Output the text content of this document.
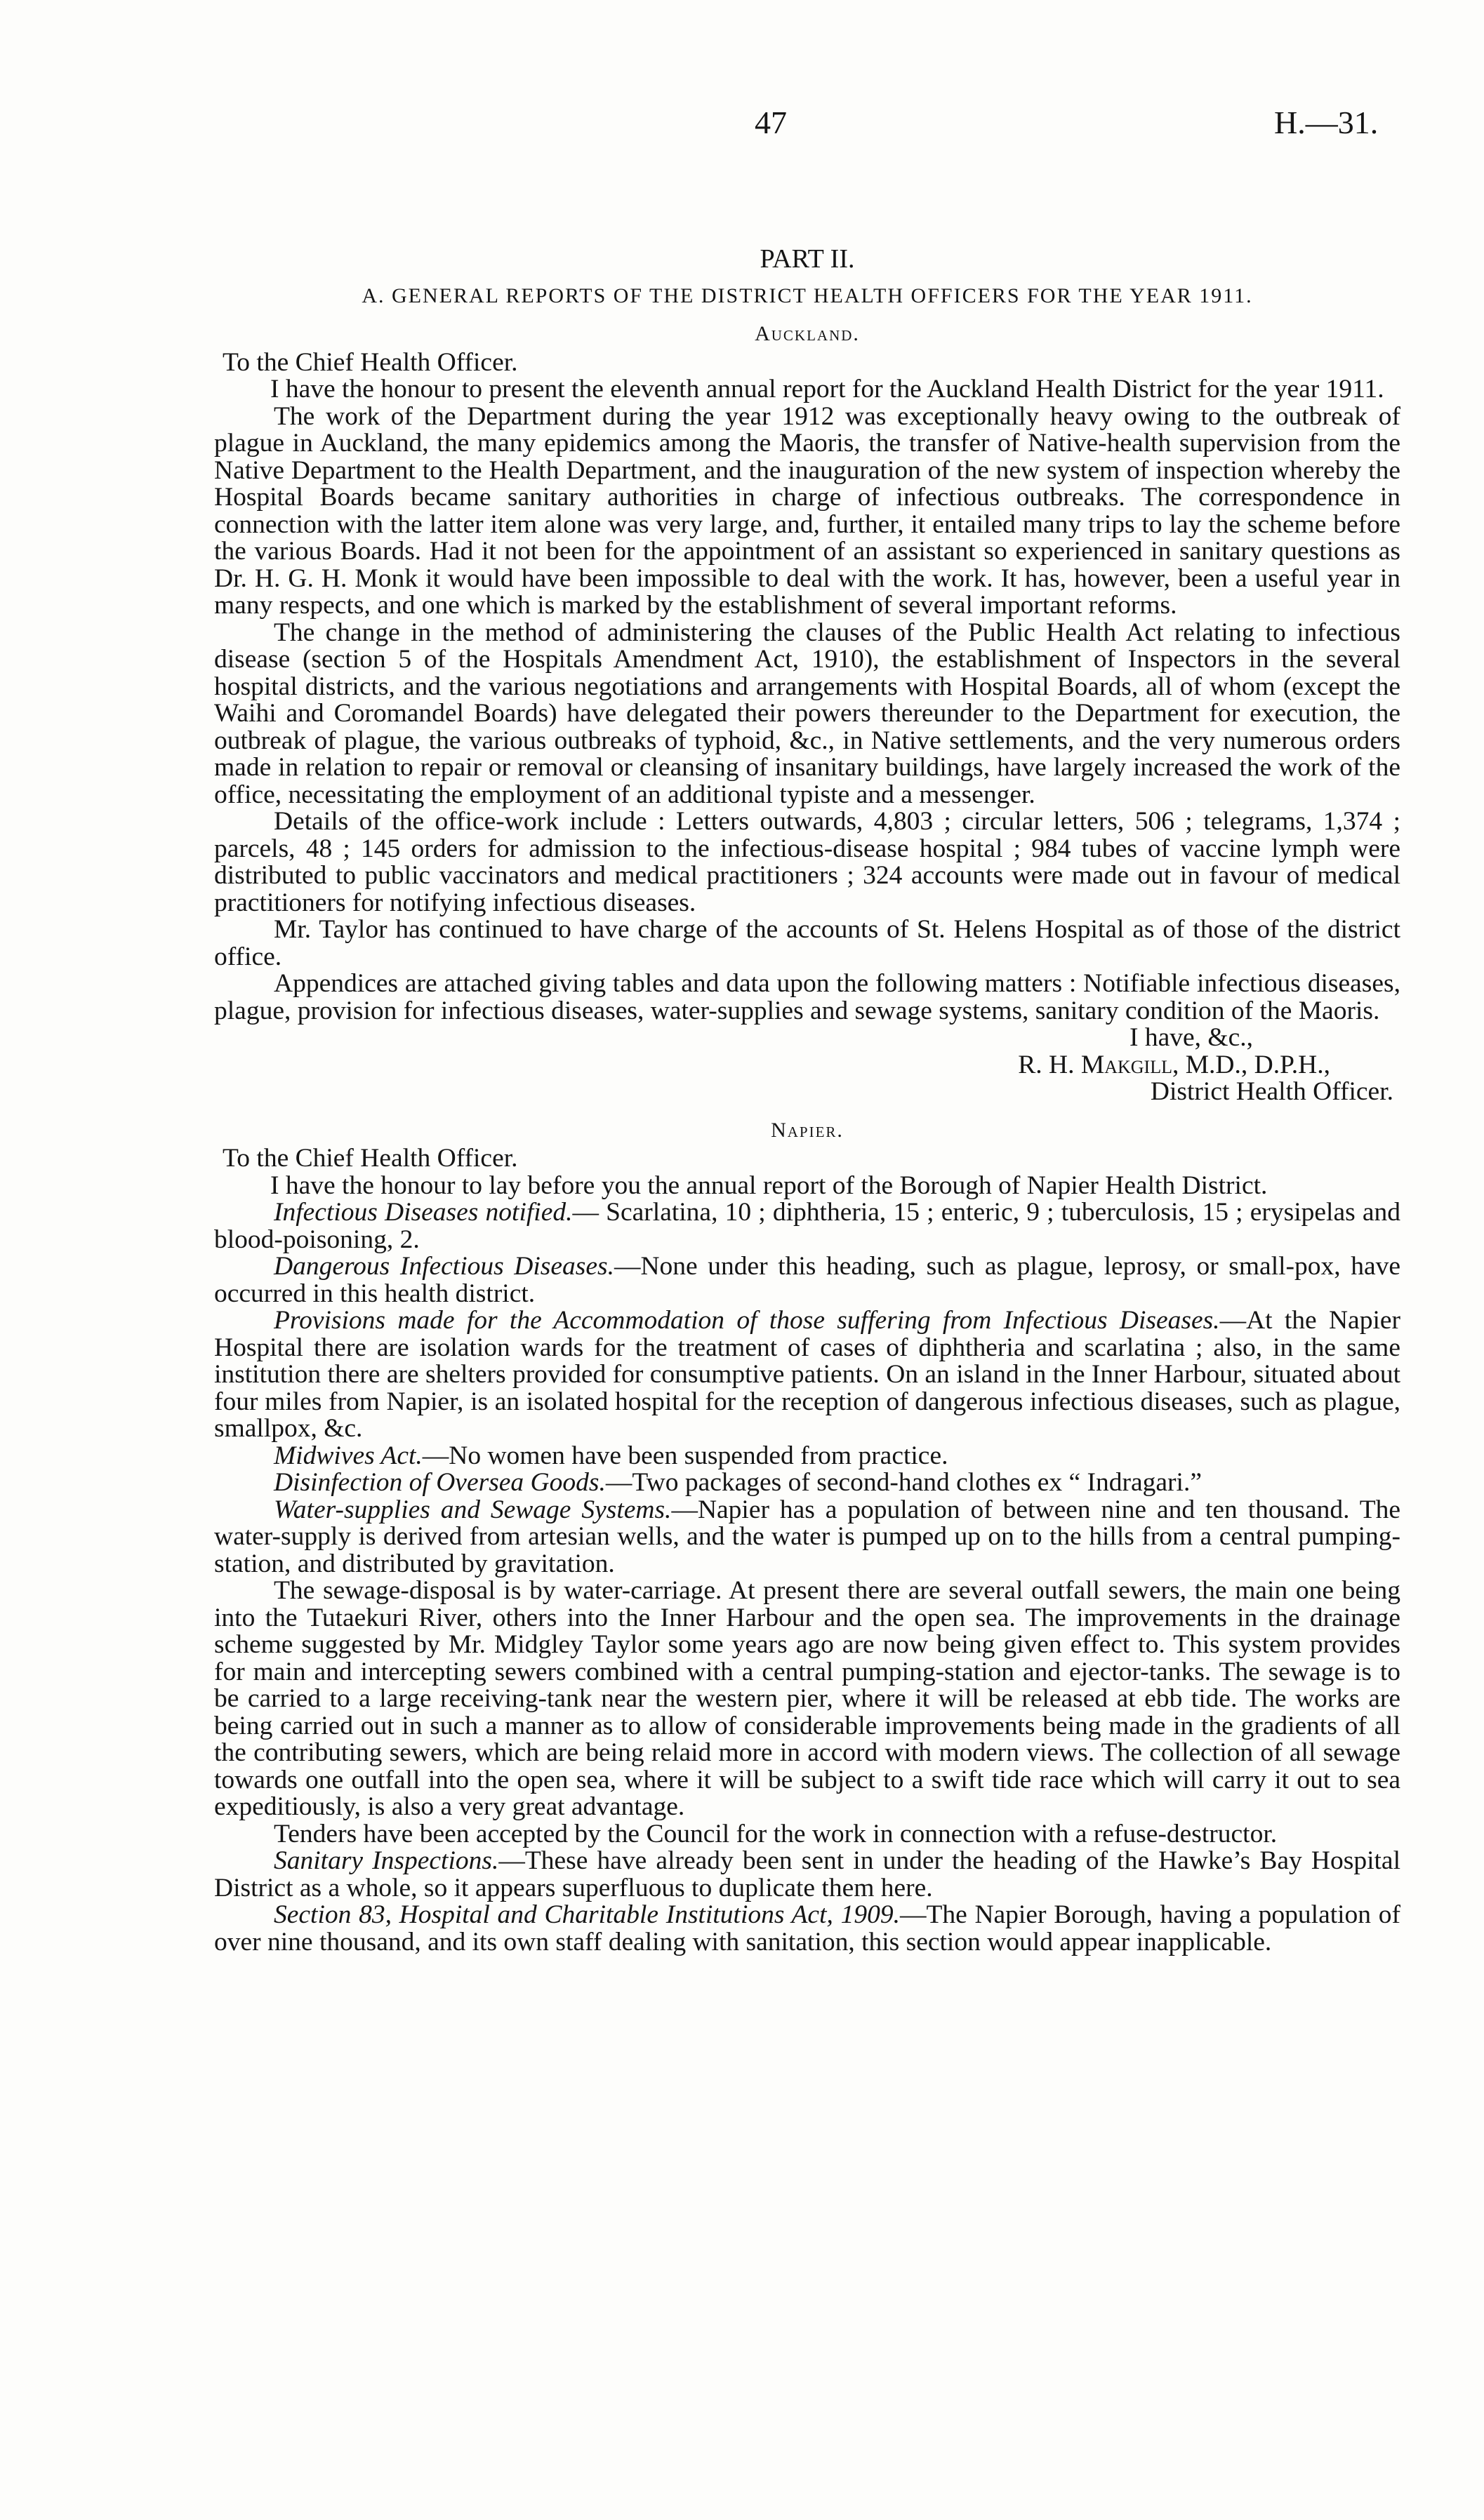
47	H.—31.

PART II.

A. GENERAL REPORTS OF THE DISTRICT HEALTH OFFICERS FOR THE YEAR 1911.

Auckland.

To the Chief Health Officer.

I have the honour to present the eleventh annual report for the Auckland Health District for the year 1911.

The work of the Department during the year 1912 was exceptionally heavy owing to the outbreak of plague in Auckland, the many epidemics among the Maoris, the transfer of Native-health supervision from the Native Department to the Health Department, and the inauguration of the new system of inspection whereby the Hospital Boards became sanitary authorities in charge of infectious outbreaks. The correspondence in connection with the latter item alone was very large, and, further, it entailed many trips to lay the scheme before the various Boards. Had it not been for the appointment of an assistant so experienced in sanitary questions as Dr. H. G. H. Monk it would have been impossible to deal with the work. It has, however, been a useful year in many respects, and one which is marked by the establishment of several important reforms.

The change in the method of administering the clauses of the Public Health Act relating to infectious disease (section 5 of the Hospitals Amendment Act, 1910), the establishment of Inspectors in the several hospital districts, and the various negotiations and arrangements with Hospital Boards, all of whom (except the Waihi and Coromandel Boards) have delegated their powers thereunder to the Department for execution, the outbreak of plague, the various outbreaks of typhoid, &c., in Native settlements, and the very numerous orders made in relation to repair or removal or cleansing of insanitary buildings, have largely increased the work of the office, necessitating the employment of an additional typiste and a messenger.

Details of the office-work include : Letters outwards, 4,803 ; circular letters, 506 ; telegrams, 1,374 ; parcels, 48 ; 145 orders for admission to the infectious-disease hospital ; 984 tubes of vaccine lymph were distributed to public vaccinators and medical practitioners ; 324 accounts were made out in favour of medical practitioners for notifying infectious diseases.

Mr. Taylor has continued to have charge of the accounts of St. Helens Hospital as of those of the district office.

Appendices are attached giving tables and data upon the following matters : Notifiable infectious diseases, plague, provision for infectious diseases, water-supplies and sewage systems, sanitary condition of the Maoris.

I have, &c.,

R. H. Makgill, M.D., D.P.H.,

District Health Officer.

Napier.

To the Chief Health Officer.

I have the honour to lay before you the annual report of the Borough of Napier Health District.

Infectious Diseases notified.— Scarlatina, 10 ; diphtheria, 15 ; enteric, 9 ; tuberculosis, 15 ; erysipelas and blood-poisoning, 2.

Dangerous Infectious Diseases.—None under this heading, such as plague, leprosy, or small-pox, have occurred in this health district.

Provisions made for the Accommodation of those suffering from Infectious Diseases.—At the Napier Hospital there are isolation wards for the treatment of cases of diphtheria and scarlatina ; also, in the same institution there are shelters provided for consumptive patients. On an island in the Inner Harbour, situated about four miles from Napier, is an isolated hospital for the reception of dangerous infectious diseases, such as plague, smallpox, &c.

Midwives Act.—No women have been suspended from practice.

Disinfection of Oversea Goods.—Two packages of second-hand clothes ex “ Indragari.”

Water-supplies and Sewage Systems.—Napier has a population of between nine and ten thousand. The water-supply is derived from artesian wells, and the water is pumped up on to the hills from a central pumping-station, and distributed by gravitation.

The sewage-disposal is by water-carriage. At present there are several outfall sewers, the main one being into the Tutaekuri River, others into the Inner Harbour and the open sea. The improvements in the drainage scheme suggested by Mr. Midgley Taylor some years ago are now being given effect to. This system provides for main and intercepting sewers combined with a central pumping-station and ejector-tanks. The sewage is to be carried to a large receiving-tank near the western pier, where it will be released at ebb tide. The works are being carried out in such a manner as to allow of considerable improvements being made in the gradients of all the contributing sewers, which are being relaid more in accord with modern views. The collection of all sewage towards one outfall into the open sea, where it will be subject to a swift tide race which will carry it out to sea expeditiously, is also a very great advantage.

Tenders have been accepted by the Council for the work in connection with a refuse-destructor.

Sanitary Inspections.—These have already been sent in under the heading of the Hawke’s Bay Hospital District as a whole, so it appears superfluous to duplicate them here.

Section 83, Hospital and Charitable Institutions Act, 1909.—The Napier Borough, having a population of over nine thousand, and its own staff dealing with sanitation, this section would appear inapplicable.
